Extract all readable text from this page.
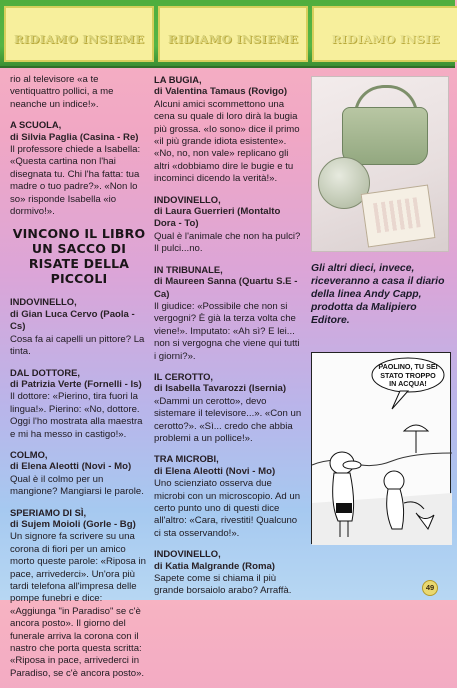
RIDIAMO INSIEME RIDIAMO INSIEME	RIDIAMO INSIE

rio al televisore «a te ventiquattro pollici, a me neanche un indice!».

A SCUOLA,

di Silvia Paglia (Casina - Re)

Il professore chiede a Isabella: «Questa cartina non l'hai disegnata tu. Chi l'ha fatta: tua madre o tuo padre?». «Non lo so» risponde Isabella «io dormivo!».

VINCONO IL LIBRO UN SACCO DI RISATE DELLA PICCOLI

INDOVINELLO,

di Gian Luca Cervo (Paola - Cs)

Cosa fa ai capelli un pittore? La tinta.

DAL DOTTORE,

di Patrizia Verte (Fornelli - Is)

Il dottore: «Pierino, tira fuori la lingua!». Pierino: «No, dottore. Oggi l'ho mostrata alla maestra e mi ha messo in castigo!».

COLMO,

di Elena Aleotti (Novi - Mo)

Qual è il colmo per un mangione? Mangiarsi le parole.

SPERIAMO DI SÌ,

di Sujem Moioli (Gorle - Bg)

Un signore fa scrivere su una corona di fiori per un amico morto queste parole: «Riposa in pace, arrivederci». Un'ora più tardi telefona all'impresa delle pompe funebri e dice: «Aggiunga "in Paradiso" se c'è ancora posto». Il giorno del funerale arriva la corona con il nastro che porta questa scritta: «Riposa in pace, arrivederci in Paradiso, se c'è ancora posto».

LA BUGIA,

di Valentina Tamaus (Rovigo)

Alcuni amici scommettono una cena su quale di loro dirà la bugia più grossa. «Io sono» dice il primo «il più grande idiota esistente». «No, no, non vale» replicano gli altri «dobbiamo dire le bugie e tu incominci dicendo la verità!».

INDOVINELLO,

di Laura Guerrieri (Montalto Dora - To)

Qual è l'animale che non ha pulci? Il pulci...no.

IN TRIBUNALE,

di Maureen Sanna (Quartu S.E - Ca)

Il giudice: «Possibile che non si vergogni? È già la terza volta che viene!». Imputato: «Ah sì? E lei... non si vergogna che viene qui tutti i giorni?».

IL CEROTTO,

di Isabella Tavarozzi (Isernia)

«Dammi un cerotto», devo sistemare il televisore...». «Con un cerotto?». «Sì... credo che abbia problemi a un pollice!».

TRA MICROBI,

di Elena Aleotti (Novi - Mo)

Uno scienziato osserva due microbi con un microscopio. Ad un certo punto uno di questi dice all'altro: «Cara, rivestiti! Qualcuno ci sta osservando!».

INDOVINELLO,

di Katia Malgrande (Roma)

Sapete come si chiama il più grande borsaiolo arabo? Arraffà.

Gli altri dieci, invece, riceveranno a casa il diario della linea Andy Capp, prodotta da Malipiero Editore.
PAOLINO, TU SEI STATO TROPPO IN ACQUA!
49
